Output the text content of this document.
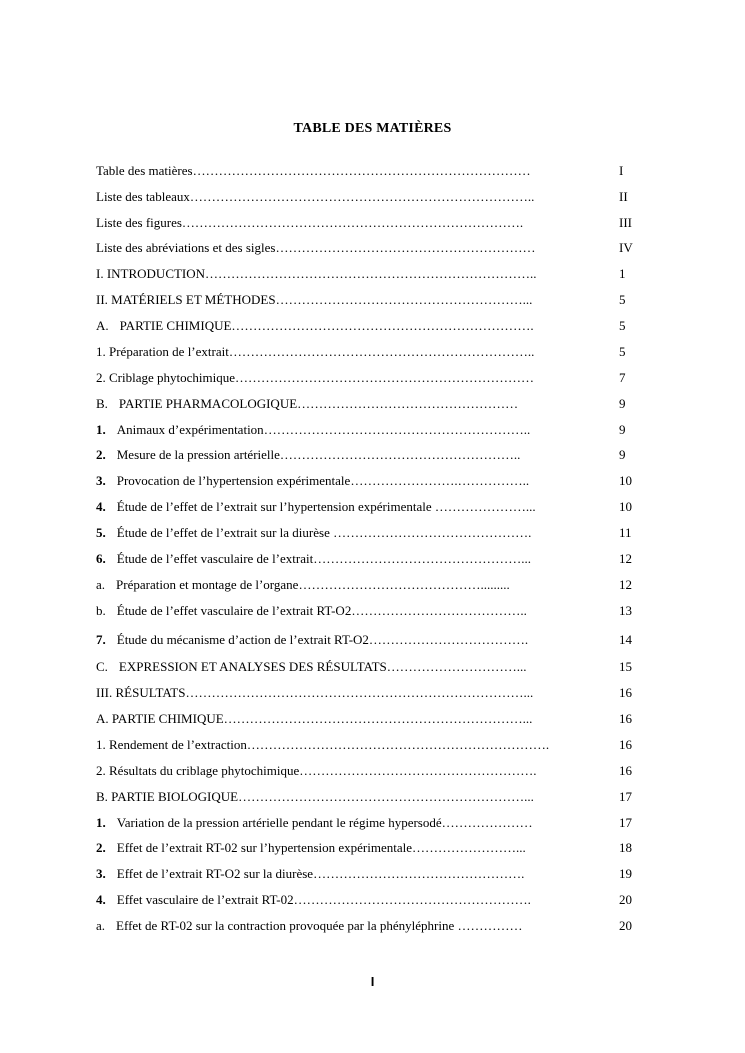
TABLE DES MATIÈRES
Table des matières……………………………………………………………………	I
Liste des tableaux……………………………………………………………………..	II
Liste des figures…………………………………………………………………….	III
Liste des abréviations et des sigles……………………………………………………	IV
I. INTRODUCTION…………………………………………………………………..	1
II. MATÉRIELS ET MÉTHODES…………………………………………………...	5
A. PARTIE CHIMIQUE…………………………………………………………….	5
1. Préparation de l’extrait……………………………………………………………..	5
2. Criblage phytochimique……………………………………………………………	7
B. PARTIE PHARMACOLOGIQUE……………………………………………	9
1. Animaux d’expérimentation……………………………………………………..	9
2. Mesure de la pression artérielle………………………………………………..	9
3. Provocation de l’hypertension expérimentale…………………….……………..	10
4. Étude de l’effet de l’extrait sur l’hypertension expérimentale …………………...	10
5. Étude de l’effet de l’extrait sur la diurèse ……………………………………….	11
6. Étude de l’effet vasculaire de l’extrait…………………………………………...	12
a. Préparation et montage de l’organe…………………………………….........	12
b. Étude de l’effet vasculaire de l’extrait RT-O2…………………………………..	13
7. Étude du mécanisme d’action de l’extrait RT-O2……………………………….	14
C. EXPRESSION ET ANALYSES DES RÉSULTATS…………………………...	15
III. RÉSULTATS……………………………………………………………………...	16
A. PARTIE CHIMIQUE……………………………………………………………...	16
1. Rendement de l’extraction…………………………………………………………….	16
2. Résultats du criblage phytochimique……………………………………………….	16
B. PARTIE BIOLOGIQUE…………………………………………………………...	17
1. Variation de la pression artérielle pendant le régime hypersodé…………………	17
2. Effet de l’extrait RT-02 sur l’hypertension expérimentale……………………...	18
3. Effet de l’extrait RT-O2 sur la diurèse………………………………………….	19
4. Effet vasculaire de l’extrait RT-02……………………………………………….	20
a. Effet de RT-02 sur la contraction provoquée par la phényléphrine ……………	20
I
